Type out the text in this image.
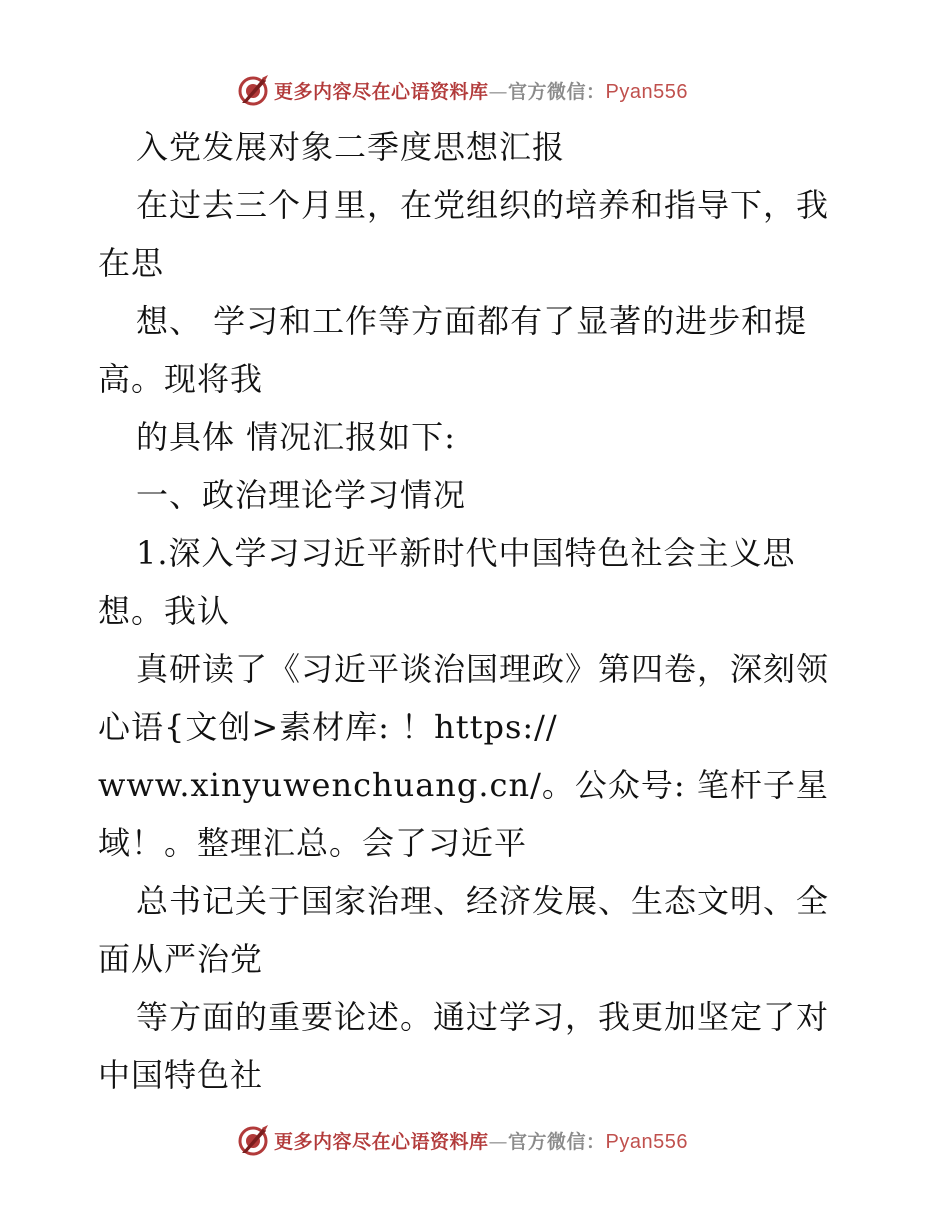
更多内容尽在心语资料库—官方微信：Pyan556
入党发展对象二季度思想汇报
在过去三个月里，在党组织的培养和指导下，我
在思
想、 学习和工作等方面都有了显著的进步和提
高。现将我
的具体 情况汇报如下:
一、政治理论学习情况
1.深入学习习近平新时代中国特色社会主义思
想。我认
真研读了《习近平谈治国理政》第四卷，深刻领
心语{文创>素材库: ！https://
www.xinyuwenchuang.cn/。公众号: 笔杆子星
域！。整理汇总。会了习近平
总书记关于国家治理、经济发展、生态文明、全
面从严治党
等方面的重要论述。通过学习，我更加坚定了对
中国特色社
更多内容尽在心语资料库—官方微信：Pyan556
